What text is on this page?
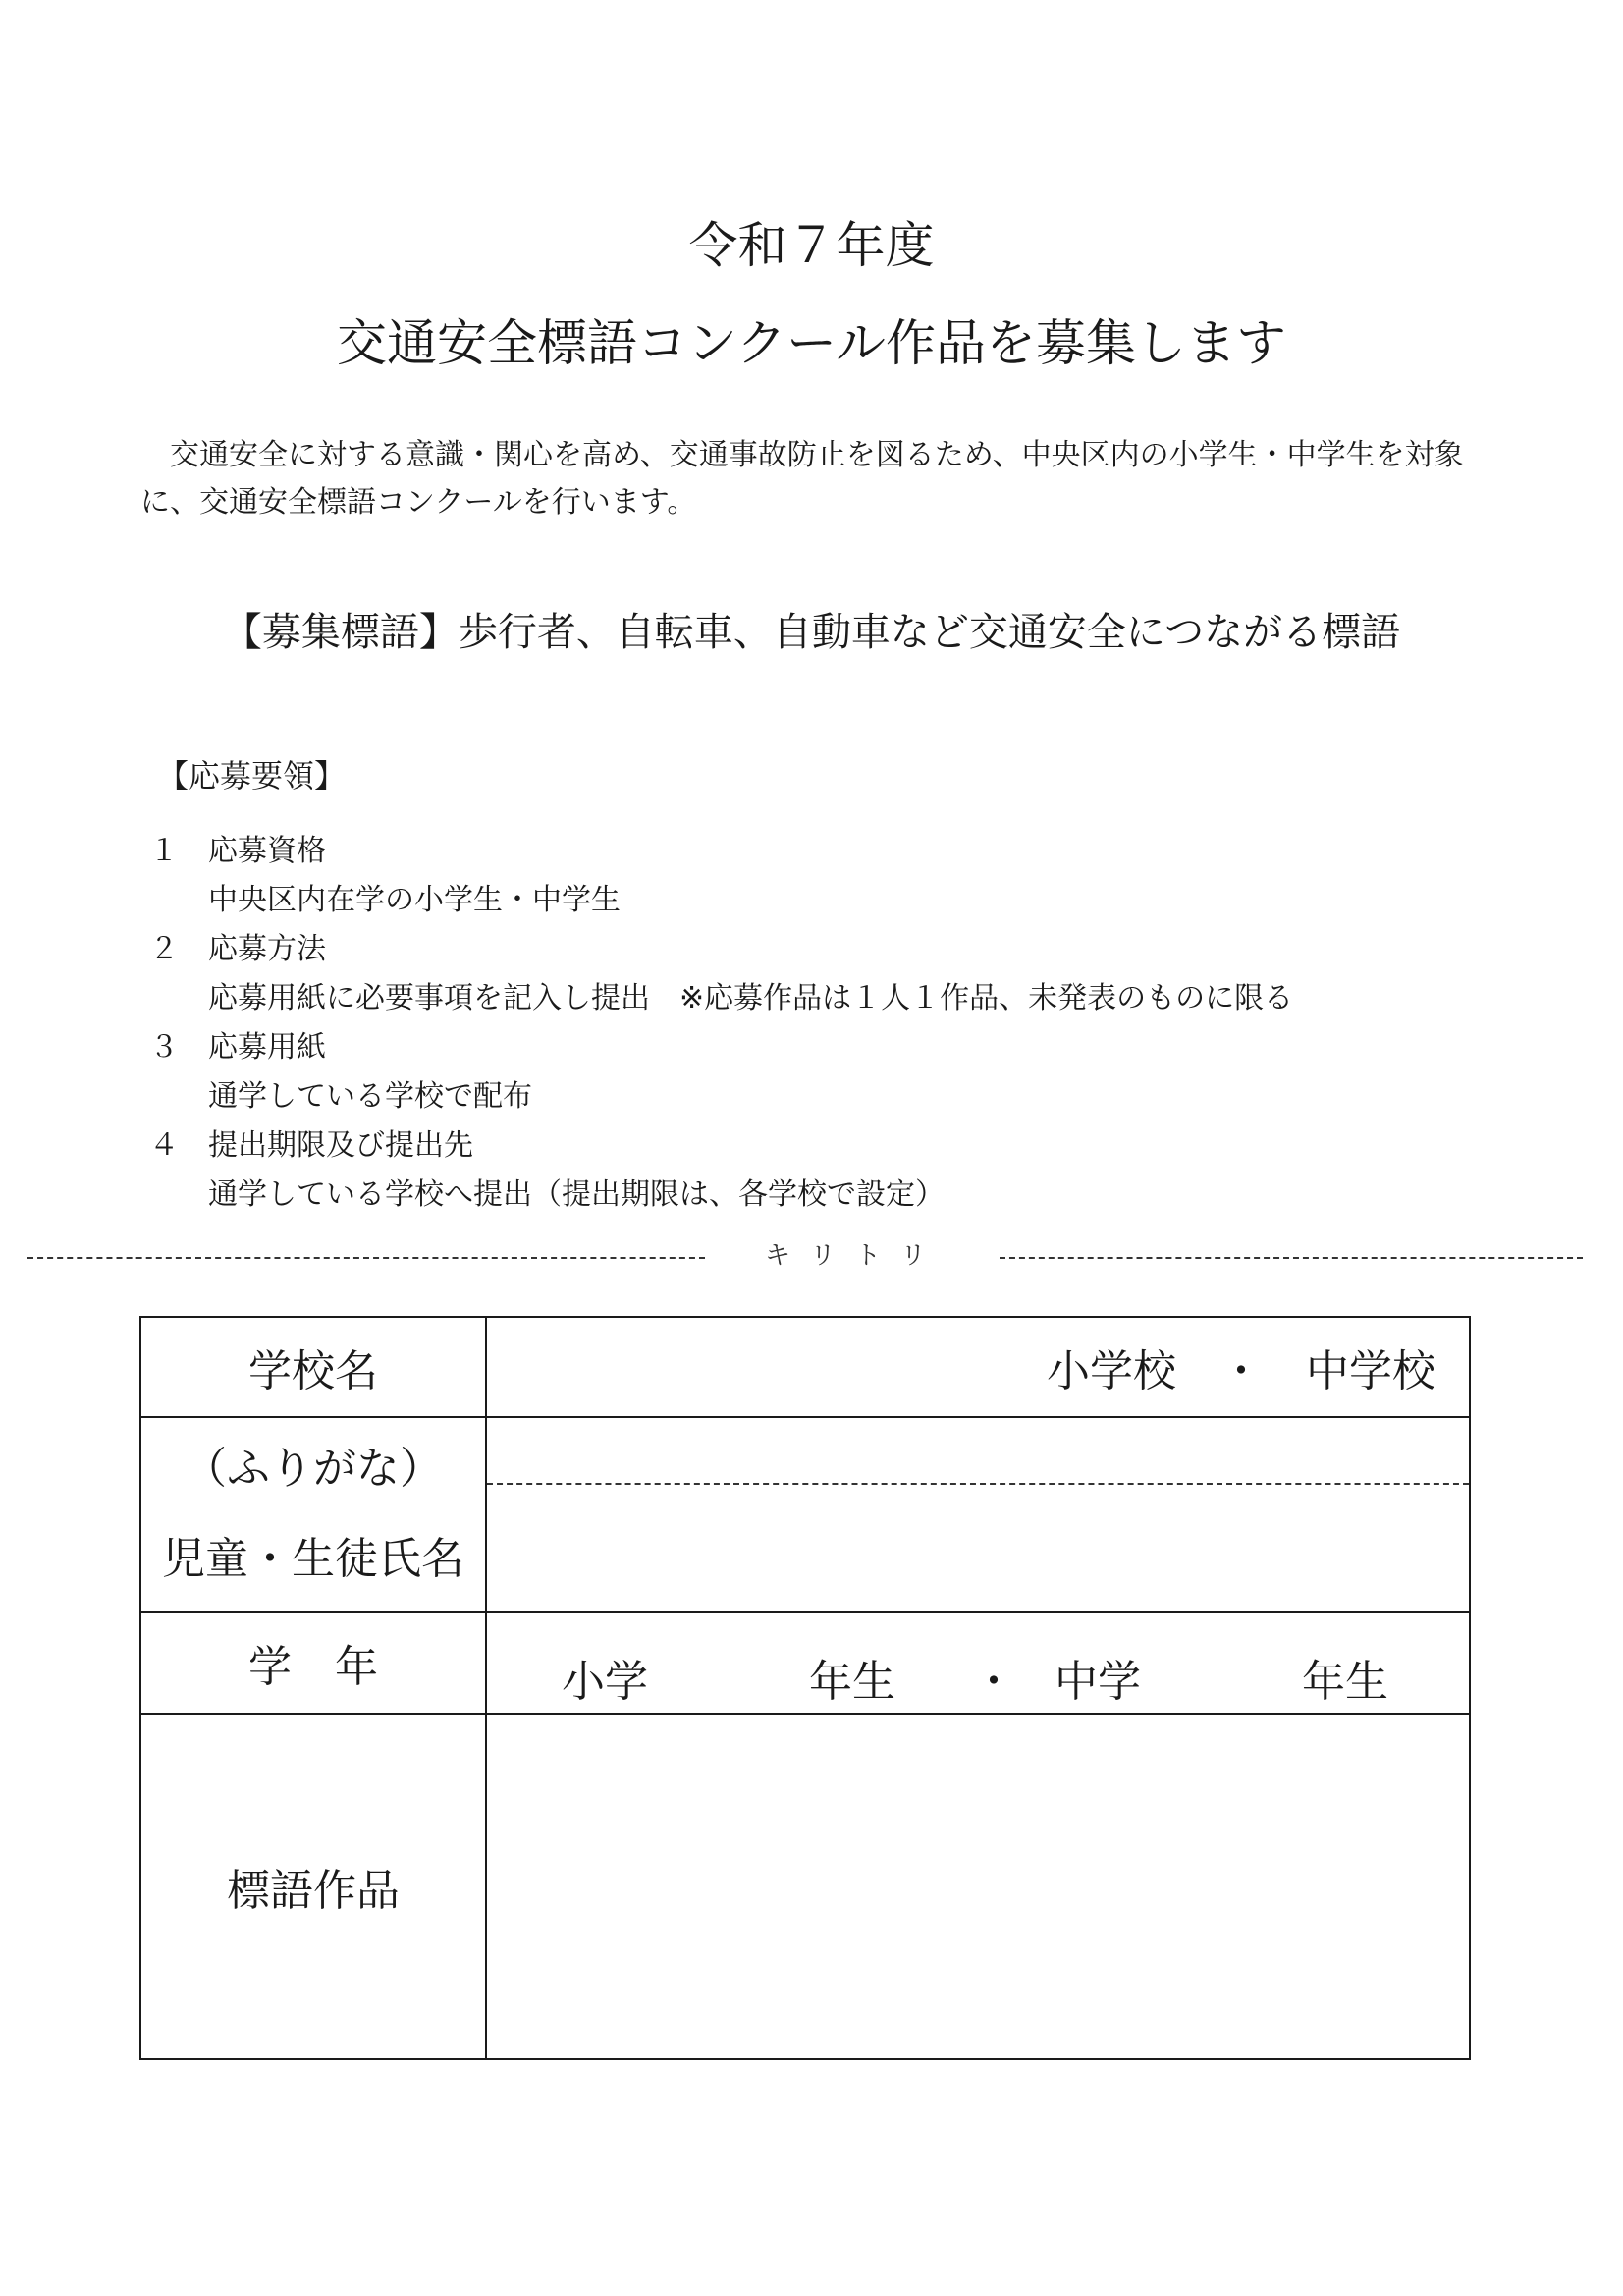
令和７年度
交通安全標語コンクール作品を募集します
　交通安全に対する意識・関心を高め、交通事故防止を図るため、中央区内の小学生・中学生を対象に、交通安全標語コンクールを行います。
【募集標語】歩行者、自転車、自動車など交通安全につながる標語
【応募要領】
１ 応募資格
中央区内在学の小学生・中学生
２ 応募方法
応募用紙に必要事項を記入し提出　※応募作品は１人１作品、未発表のものに限る
３ 応募用紙
通学している学校で配布
４ 提出期限及び提出先
通学している学校へ提出（提出期限は、各学校で設定）
キリトリ
学校名	小学校　・　中学校

（ふりがな）
児童・生徒氏名	

学　年	小学 年生 ・ 中学 年生

標語作品	
